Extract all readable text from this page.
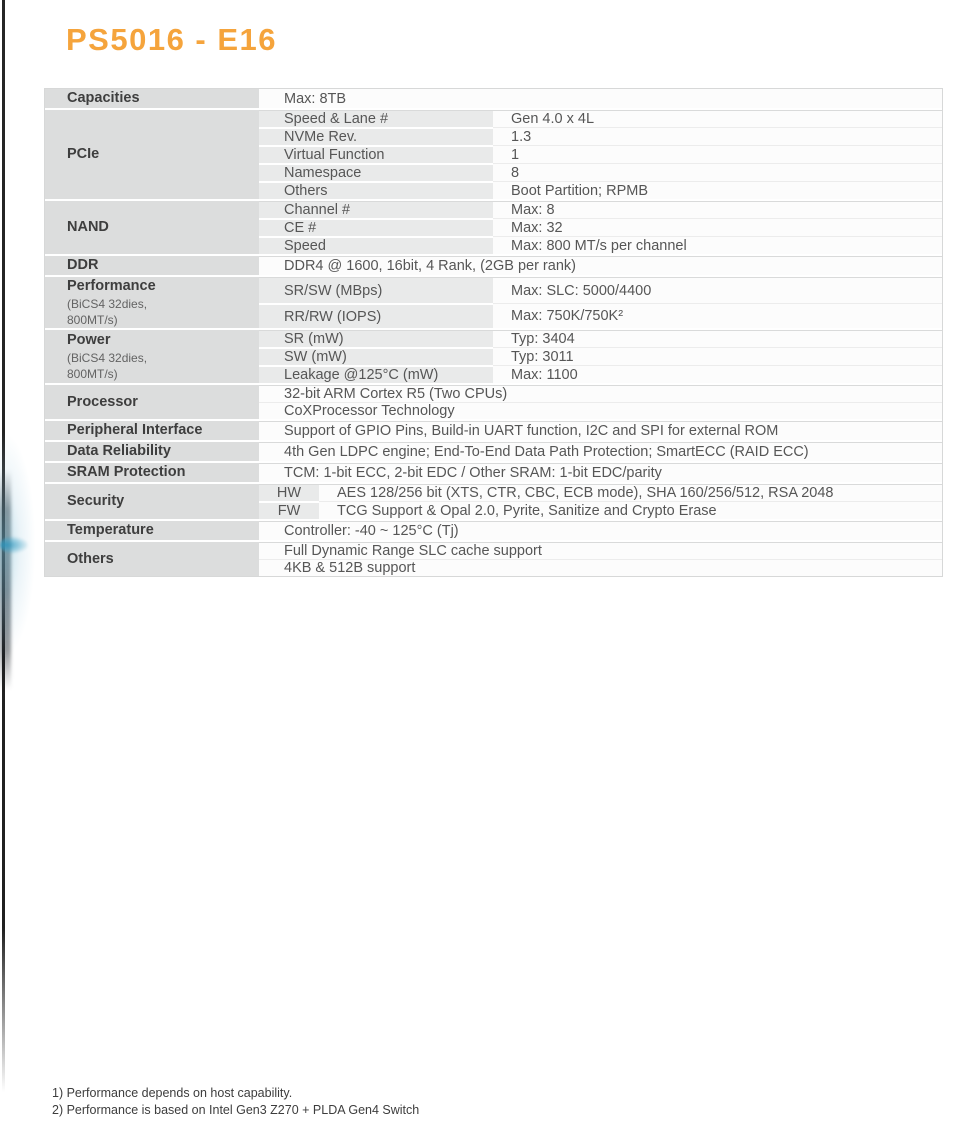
PS5016 - E16
Capacities	Max: 8TB
PCIe
Speed & Lane #	Gen 4.0 x 4L
NVMe Rev.	1.3
Virtual Function	1
Namespace	8
Others	Boot Partition; RPMB
NAND
Channel #	Max: 8
CE #	Max: 32
Speed	Max: 800 MT/s per channel
DDR	DDR4 @ 1600, 16bit, 4 Rank, (2GB per rank)
Performance
(BiCS4 32dies,
800MT/s)
SR/SW (MBps)	Max: SLC: 5000/4400
RR/RW (IOPS)	Max: 750K/750K²
Power
(BiCS4 32dies,
800MT/s)
SR (mW)	Typ: 3404
SW (mW)	Typ: 3011
Leakage @125°C (mW)	Max: 1100
Processor	32-bit ARM Cortex R5 (Two CPUs)
CoXProcessor Technology
Peripheral Interface	Support of GPIO Pins, Build-in UART function, I2C and SPI for external ROM
Data Reliability	4th Gen LDPC engine; End-To-End Data Path Protection; SmartECC (RAID ECC)
SRAM Protection	TCM: 1-bit ECC, 2-bit EDC / Other SRAM: 1-bit EDC/parity
Security	HW	AES 128/256 bit (XTS, CTR, CBC, ECB mode), SHA 160/256/512, RSA 2048
FW	TCG Support & Opal 2.0, Pyrite, Sanitize and Crypto Erase
Temperature	Controller: -40 ~ 125°C (Tj)
Others	Full Dynamic Range SLC cache support
4KB & 512B support
1) Performance depends on host capability.
2) Performance is based on Intel Gen3 Z270 + PLDA Gen4 Switch
